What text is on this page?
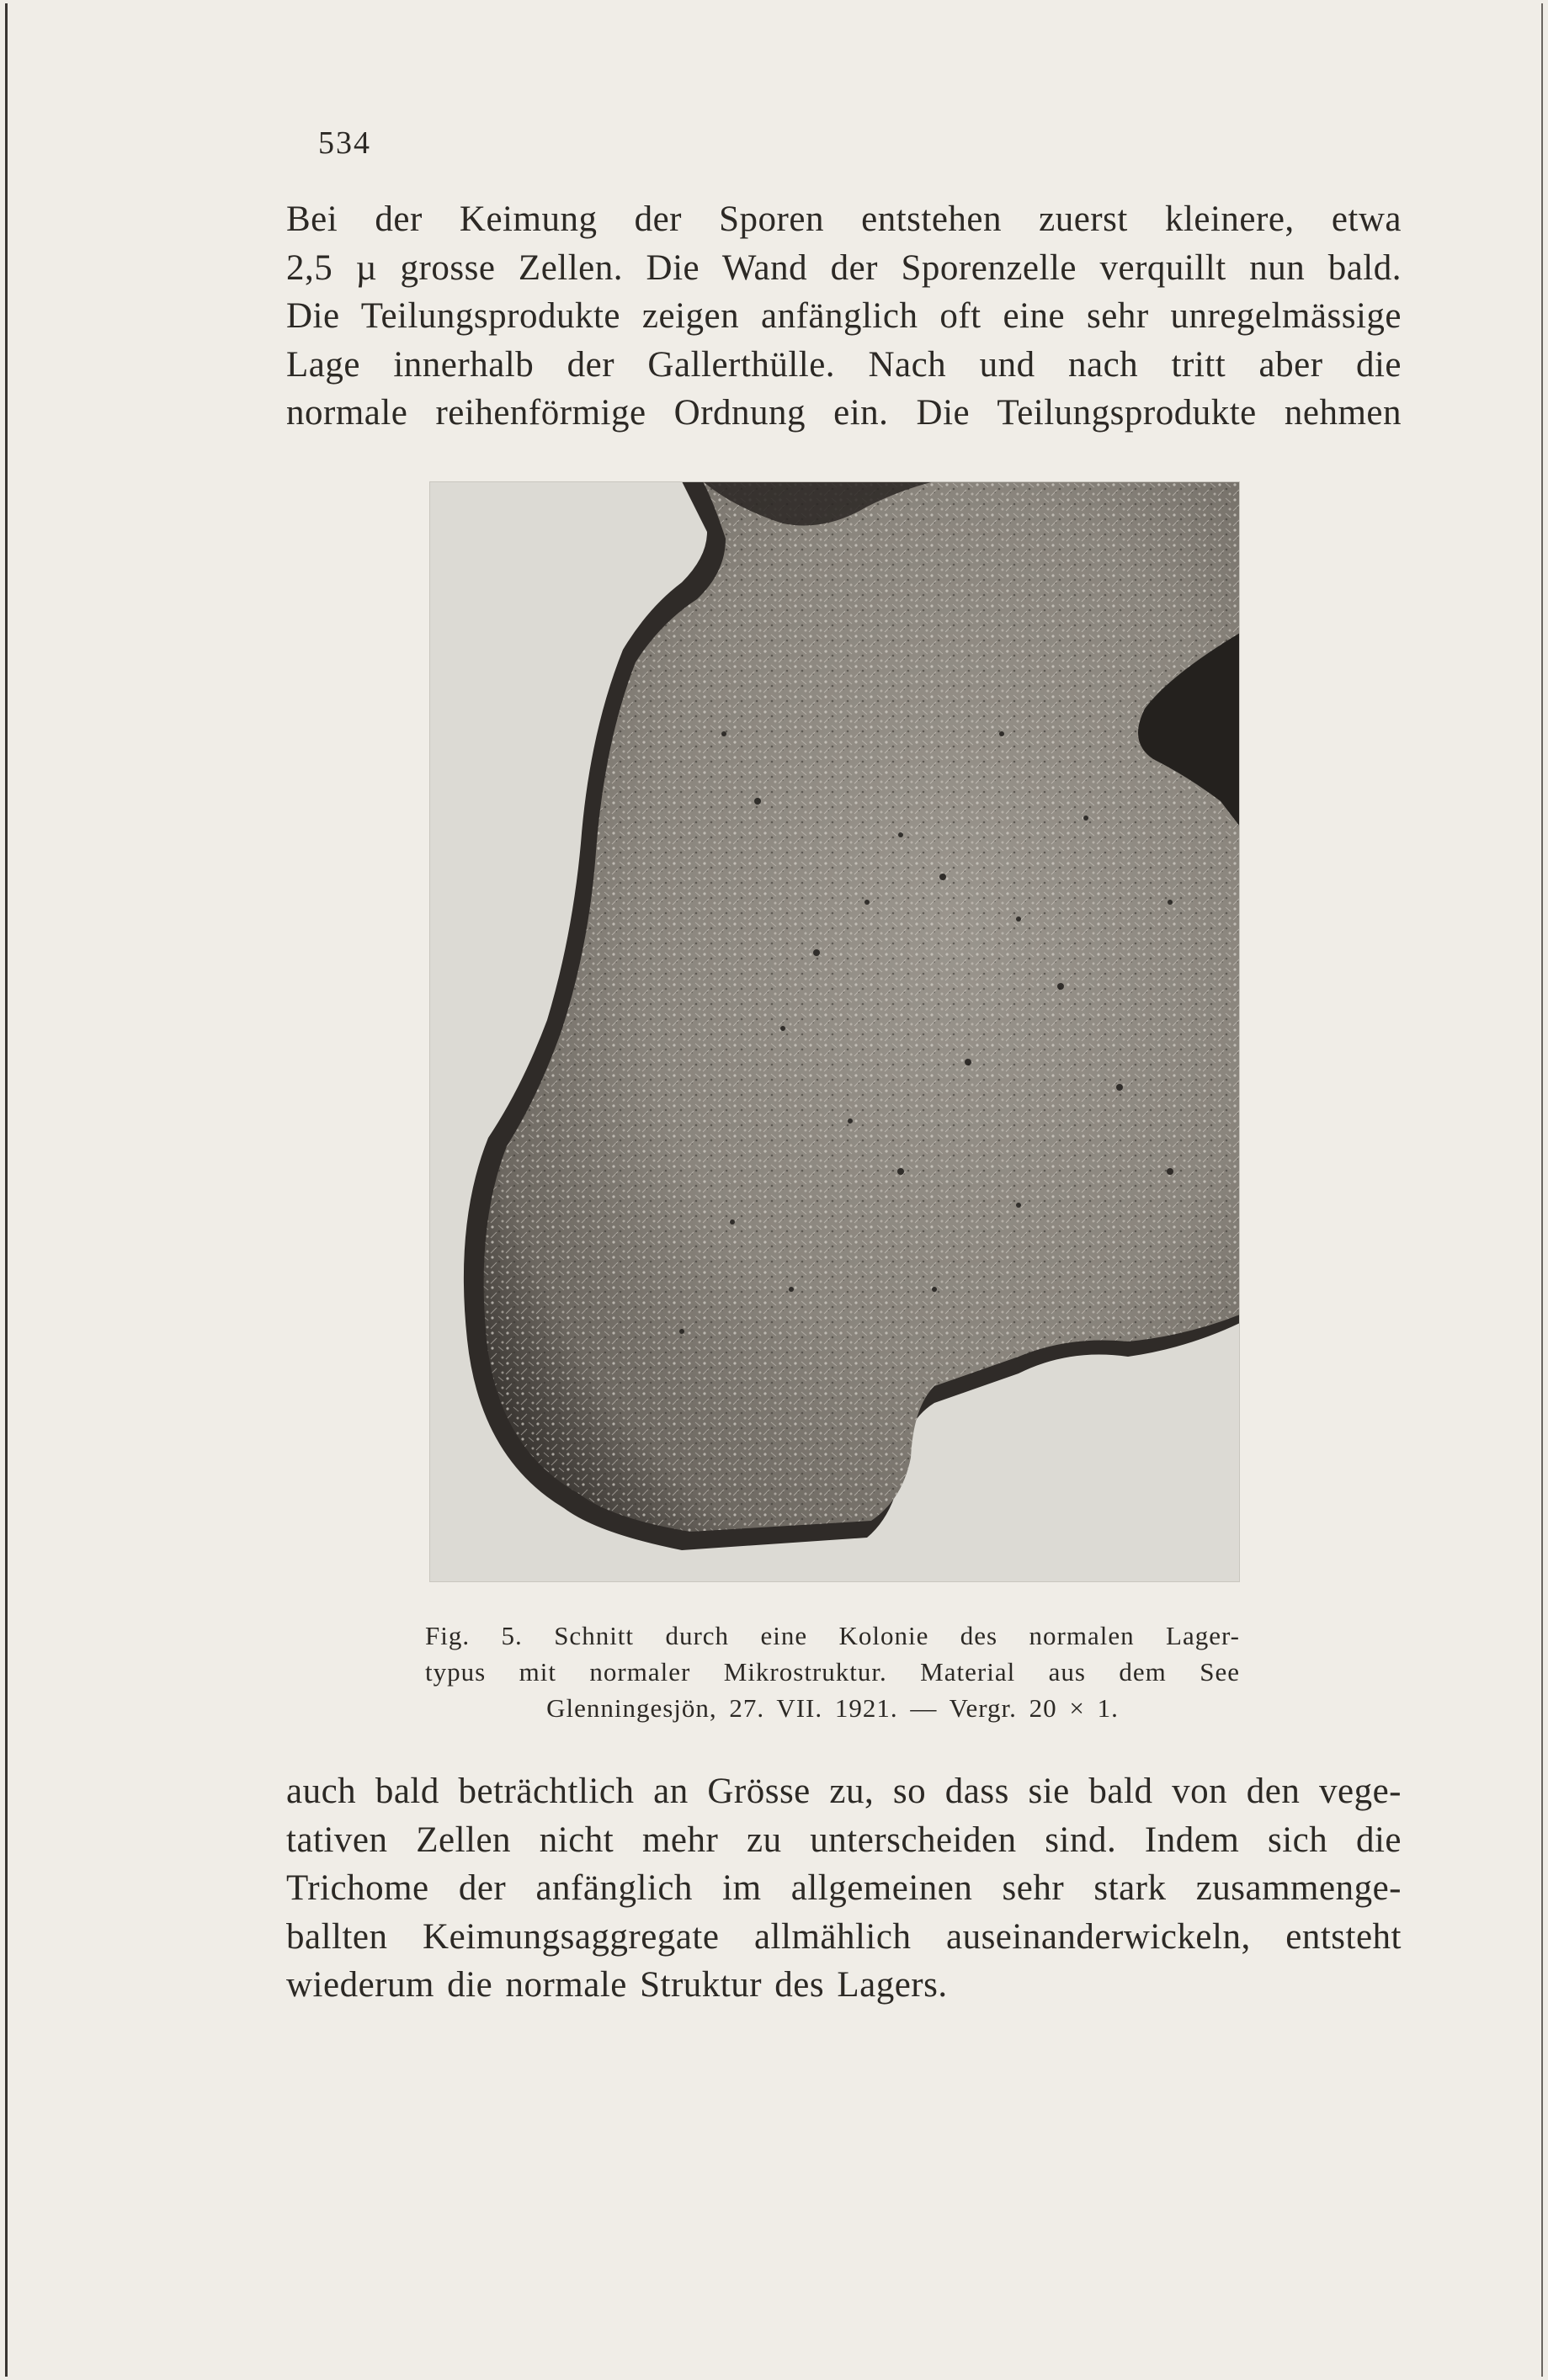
534
Bei der Keimung der Sporen entstehen zuerst kleinere, etwa
2,5 µ grosse Zellen. Die Wand der Sporenzelle verquillt nun bald.
Die Teilungsprodukte zeigen anfänglich oft eine sehr unregelmässige
Lage innerhalb der Gallerthülle. Nach und nach tritt aber die
normale reihenförmige Ordnung ein. Die Teilungsprodukte nehmen
Fig. 5. Schnitt durch eine Kolonie des normalen Lager-
typus mit normaler Mikrostruktur. Material aus dem See
Glenningesjön, 27. VII. 1921. — Vergr. 20 × 1.
auch bald beträchtlich an Grösse zu, so dass sie bald von den vege-
tativen Zellen nicht mehr zu unterscheiden sind. Indem sich die
Trichome der anfänglich im allgemeinen sehr stark zusammenge-
ballten Keimungsaggregate allmählich auseinanderwickeln, entsteht
wiederum die normale Struktur des Lagers.
